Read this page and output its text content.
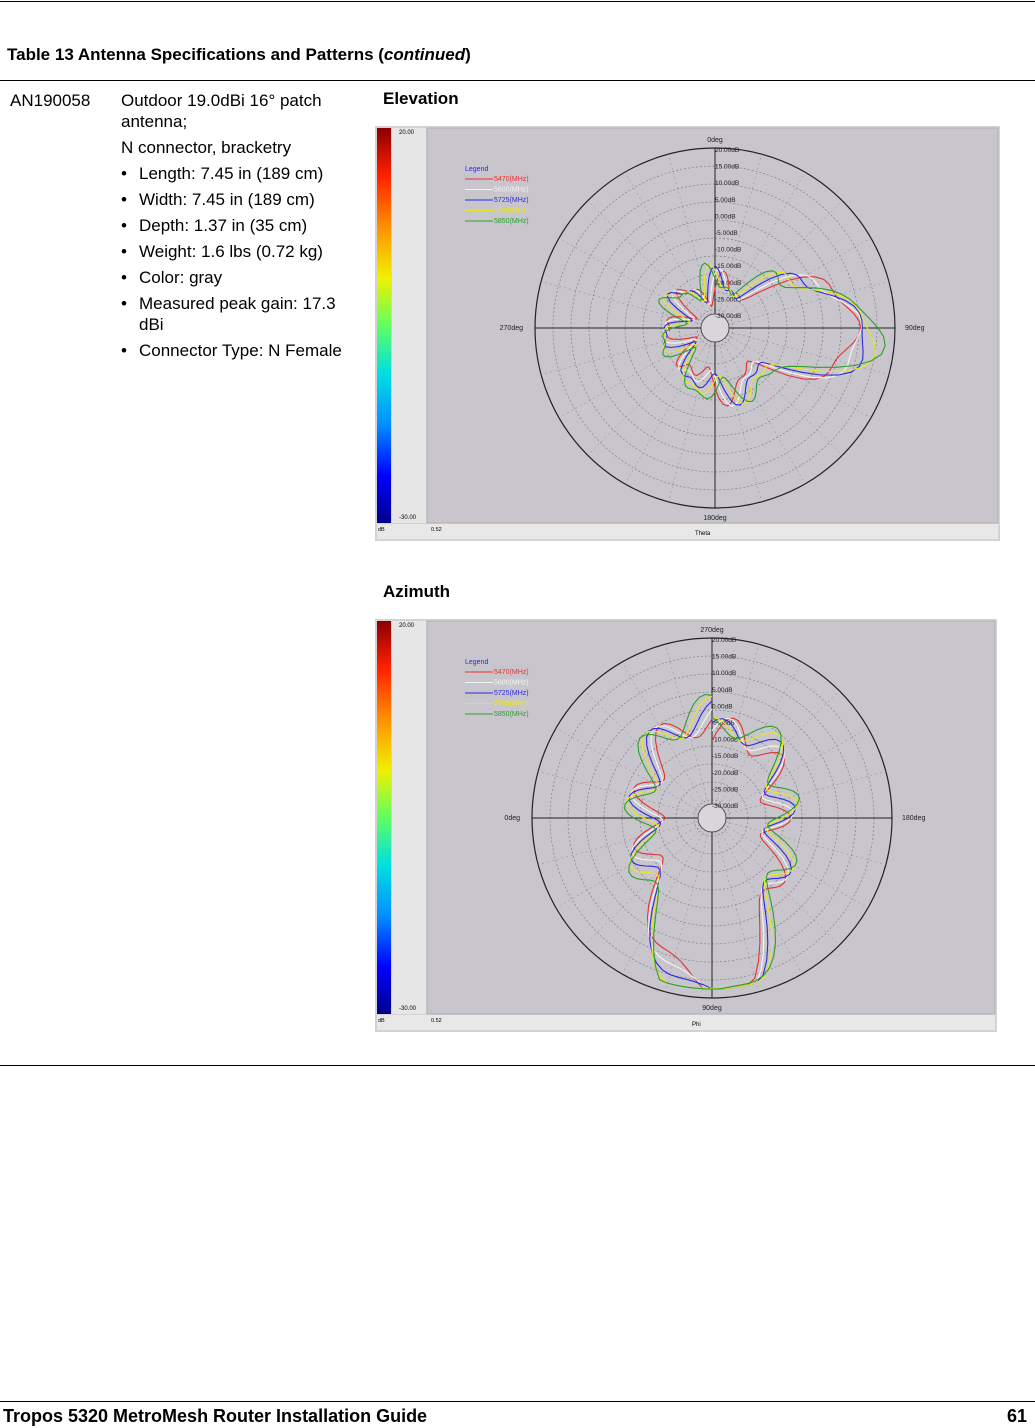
Table 13 Antenna Specifications and Patterns (continued)
AN190058 Outdoor 19.0dBi 16° patch antenna;

N connector, bracketry

• Length: 7.45 in (189 cm)
• Width: 7.45 in (189 cm)
• Depth: 1.37 in (35 cm)
• Weight: 1.6 lbs (0.72 kg)
• Color: gray
• Measured peak gain: 17.3 dBi
• Connector Type: N Female
Elevation
20.00
-30.00
dB	0.52
Theta
0deg
90deg
180deg
270deg
20.00dB
15.00dB
10.00dB
5.00dB
0.00dB
-5.00dB
-10.00dB
-15.00dB
-20.00dB
-25.00dB
-30.00dB
Legend
5470(MHz)
5600(MHz)
5725(MHz)
5780(MHz)
5850(MHz)
Azimuth
20.00
-30.00
dB	0.52
Phi
270deg
180deg
90deg
0deg
20.00dB
15.00dB
10.00dB
5.00dB
0.00dB
-5.00dB
-10.00dB
-15.00dB
-20.00dB
-25.00dB
-30.00dB
Legend
5470(MHz)
5600(MHz)
5725(MHz)
5780(MHz)
5850(MHz)
Tropos 5320 MetroMesh Router Installation Guide	61
